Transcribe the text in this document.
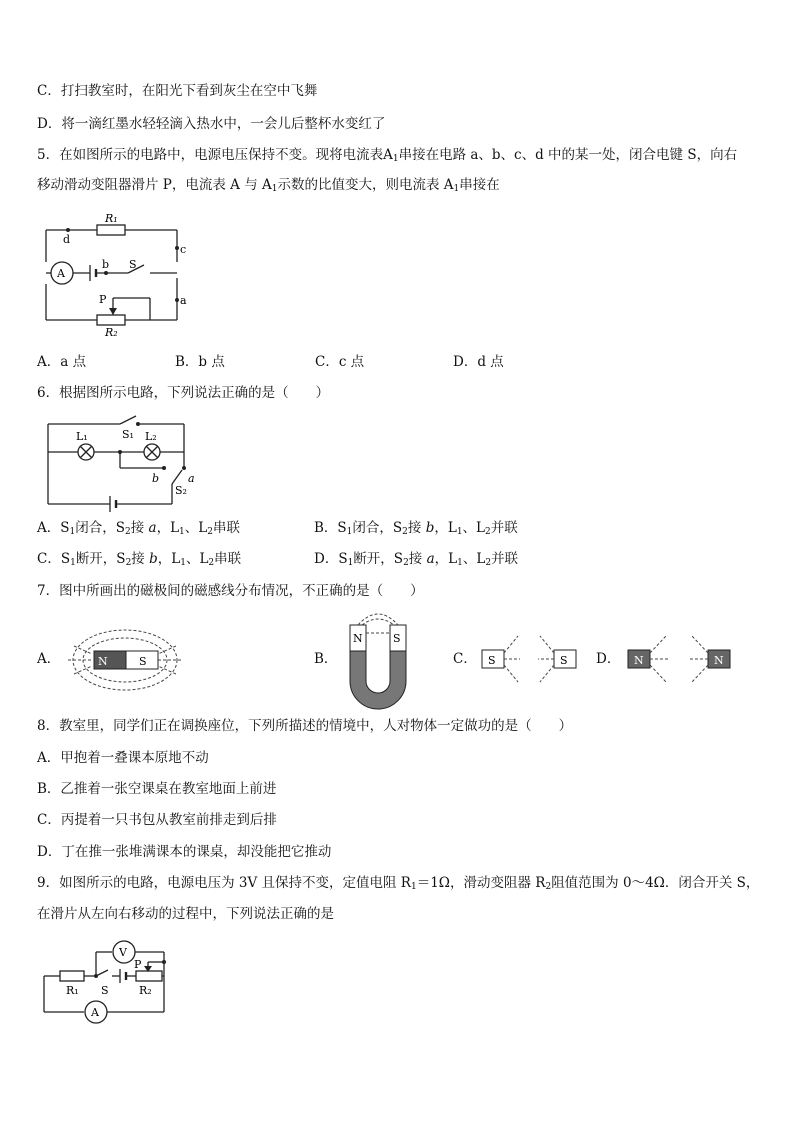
C．打扫教室时，在阳光下看到灰尘在空中飞舞
D．将一滴红墨水轻轻滴入热水中，一会儿后整杯水变红了
5．在如图所示的电路中，电源电压保持不变。现将电流表$A_1$串接在电路 a、b、c、d 中的某一处，闭合电键 S，向右
移动滑动变阻器滑片 P，电流表 A 与 $A_1$示数的比值变大，则电流表 $A_1$串接在
R₁
R₂
A
S
P
d
b
c
a
A．a 点	B．b 点	C．c 点	D．d 点
6．根据图所示电路，下列说法正确的是（　　）
S₁
L₁	L₂
b	a
S₂
A．$S_1$闭合，$S_2$接 a，$L_1$、$L_2$串联	B．$S_1$闭合，$S_2$接 b，$L_1$、$L_2$并联
C．$S_1$断开，$S_2$接 b，$L_1$、$L_2$串联	D．$S_1$断开，$S_2$接 a，$L_1$、$L_2$并联
7．图中所画出的磁极间的磁感线分布情况，不正确的是（　　）
A．	N	S	B．
N	S
C． S	S D． N	N
8．教室里，同学们正在调换座位，下列所描述的情境中，人对物体一定做功的是（　　）
A．甲抱着一叠课本原地不动
B．乙推着一张空课桌在教室地面上前进
C．丙提着一只书包从教室前排走到后排
D．丁在推一张堆满课本的课桌，却没能把它推动
9．如图所示的电路，电源电压为 3V 且保持不变，定值电阻 $R_1=1\Omega$，滑动变阻器 $R_2$阻值范围为 0～4Ω．闭合开关 S，
在滑片从左向右移动的过程中，下列说法正确的是
V
A
R₁	R₂
S
P
